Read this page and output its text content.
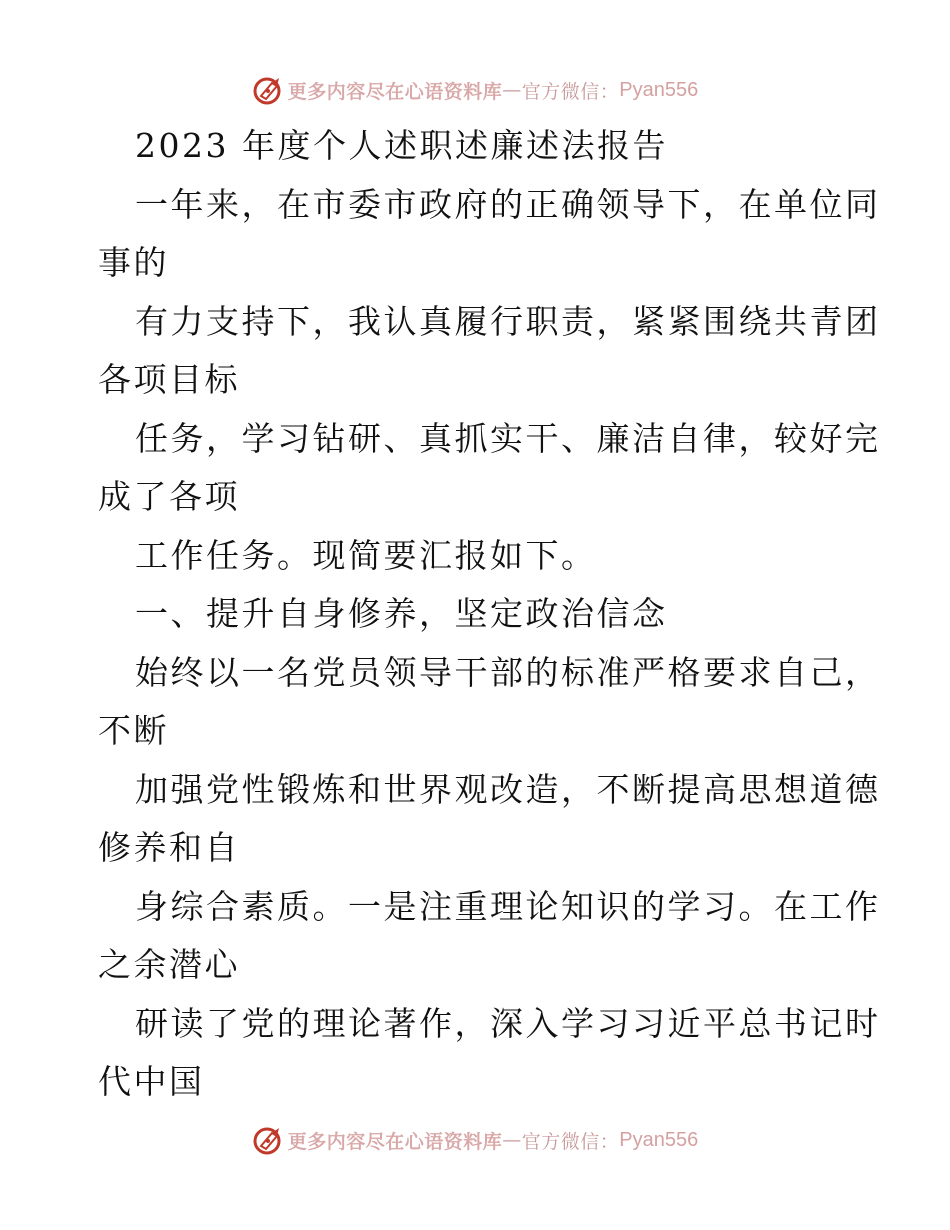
更多内容尽在心语资料库 — 官方微信： Pyan556
2023 年度个人述职述廉述法报告
一年来，在市委市政府的正确领导下，在单位同
事的
有力支持下，我认真履行职责，紧紧围绕共青团
各项目标
任务，学习钻研、真抓实干、廉洁自律，较好完
成了各项
工作任务。现简要汇报如下。
一、提升自身修养，坚定政治信念
始终以一名党员领导干部的标准严格要求自己，
不断
加强党性锻炼和世界观改造，不断提高思想道德
修养和自
身综合素质。一是注重理论知识的学习。在工作
之余潜心
研读了党的理论著作，深入学习习近平总书记时
代中国
更多内容尽在心语资料库 — 官方微信： Pyan556
